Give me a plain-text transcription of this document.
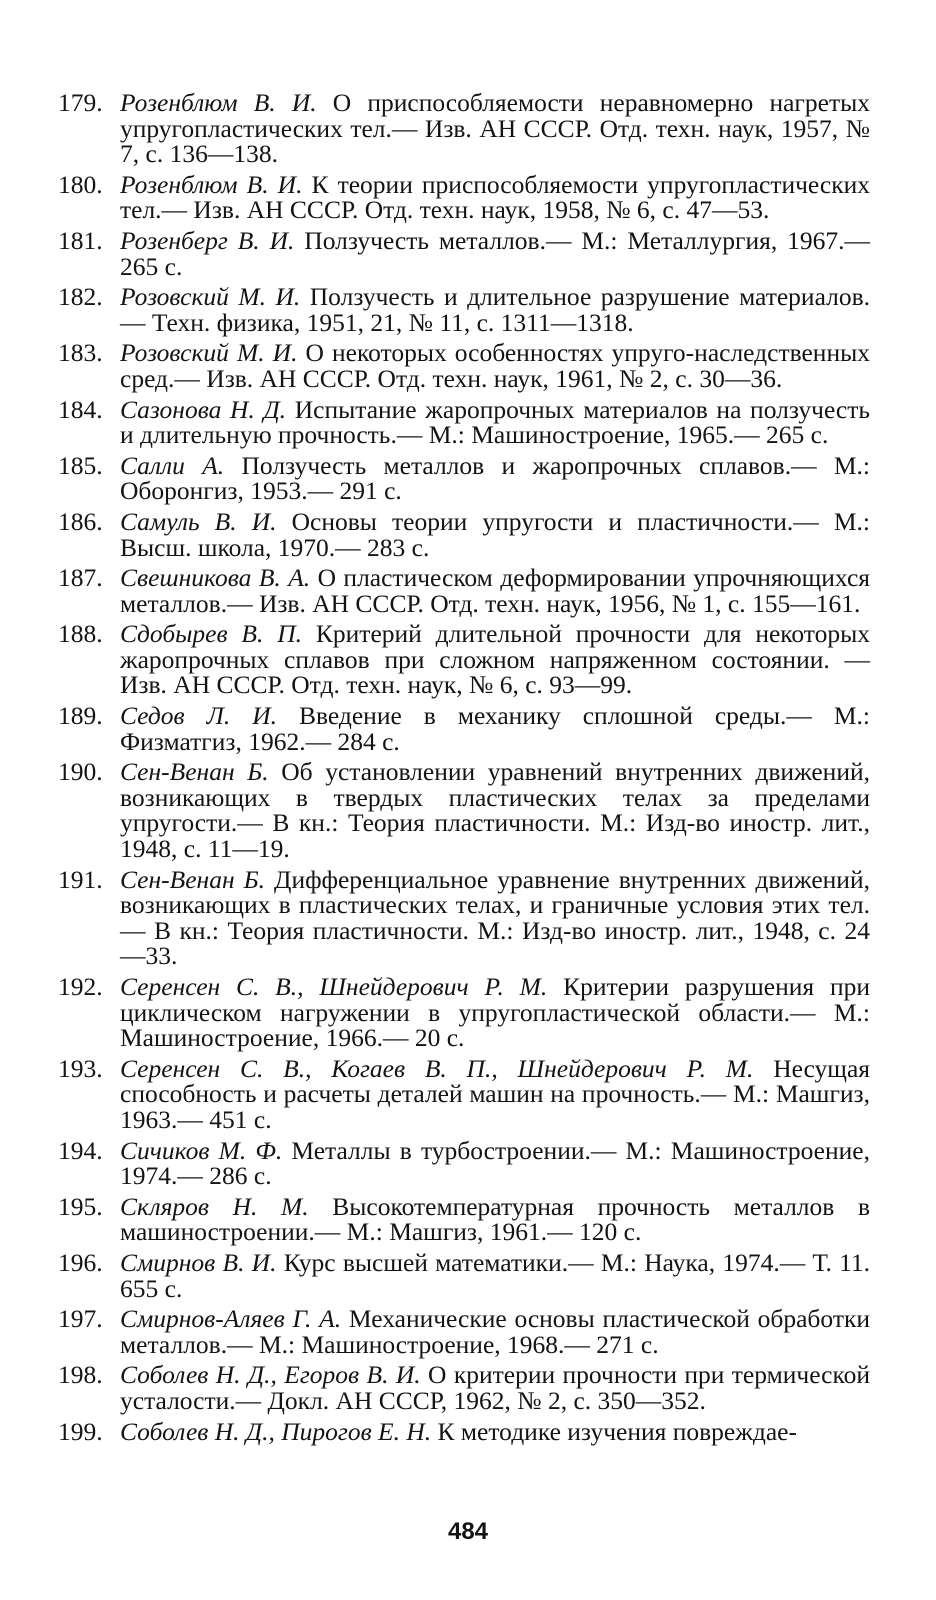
179. Розенблюм В. И. О приспособляемости неравномерно нагретых упругопластических тел.— Изв. АН СССР. Отд. техн. наук, 1957, № 7, с. 136—138.
180. Розенблюм В. И. К теории приспособляемости упругопластических тел.— Изв. АН СССР. Отд. техн. наук, 1958, № 6, с. 47—53.
181. Розенберг В. И. Ползучесть металлов.— М.: Металлургия, 1967.— 265 с.
182. Розовский М. И. Ползучесть и длительное разрушение материалов.— Техн. физика, 1951, 21, № 11, с. 1311—1318.
183. Розовский М. И. О некоторых особенностях упруго-наследственных сред.— Изв. АН СССР. Отд. техн. наук, 1961, № 2, с. 30—36.
184. Сазонова Н. Д. Испытание жаропрочных материалов на ползучесть и длительную прочность.— М.: Машиностроение, 1965.— 265 с.
185. Салли А. Ползучесть металлов и жаропрочных сплавов.— М.: Оборонгиз, 1953.— 291 с.
186. Самуль В. И. Основы теории упругости и пластичности.— М.: Высш. школа, 1970.— 283 с.
187. Свешникова В. А. О пластическом деформировании упрочняющихся металлов.— Изв. АН СССР. Отд. техн. наук, 1956, № 1, с. 155—161.
188. Сдобырев В. П. Критерий длительной прочности для некоторых жаропрочных сплавов при сложном напряженном состоянии. — Изв. АН СССР. Отд. техн. наук, № 6, с. 93—99.
189. Седов Л. И. Введение в механику сплошной среды.— М.: Физматгиз, 1962.— 284 с.
190. Сен-Венан Б. Об установлении уравнений внутренних движений, возникающих в твердых пластических телах за пределами упругости.— В кн.: Теория пластичности. М.: Изд-во иностр. лит., 1948, с. 11—19.
191. Сен-Венан Б. Дифференциальное уравнение внутренних движений, возникающих в пластических телах, и граничные условия этих тел.— В кн.: Теория пластичности. М.: Изд-во иностр. лит., 1948, с. 24—33.
192. Серенсен С. В., Шнейдерович Р. М. Критерии разрушения при циклическом нагружении в упругопластической области.— М.: Машиностроение, 1966.— 20 с.
193. Серенсен С. В., Когаев В. П., Шнейдерович Р. М. Несущая способность и расчеты деталей машин на прочность.— М.: Машгиз, 1963.— 451 с.
194. Сичиков М. Ф. Металлы в турбостроении.— М.: Машиностроение, 1974.— 286 с.
195. Скляров Н. М. Высокотемпературная прочность металлов в машиностроении.— М.: Машгиз, 1961.— 120 с.
196. Смирнов В. И. Курс высшей математики.— М.: Наука, 1974.— Т. 11. 655 с.
197. Смирнов-Аляев Г. А. Механические основы пластической обработки металлов.— М.: Машиностроение, 1968.— 271 с.
198. Соболев Н. Д., Егоров В. И. О критерии прочности при термической усталости.— Докл. АН СССР, 1962, № 2, с. 350—352.
199. Соболев Н. Д., Пирогов Е. Н. К методике изучения повреждае-
484
